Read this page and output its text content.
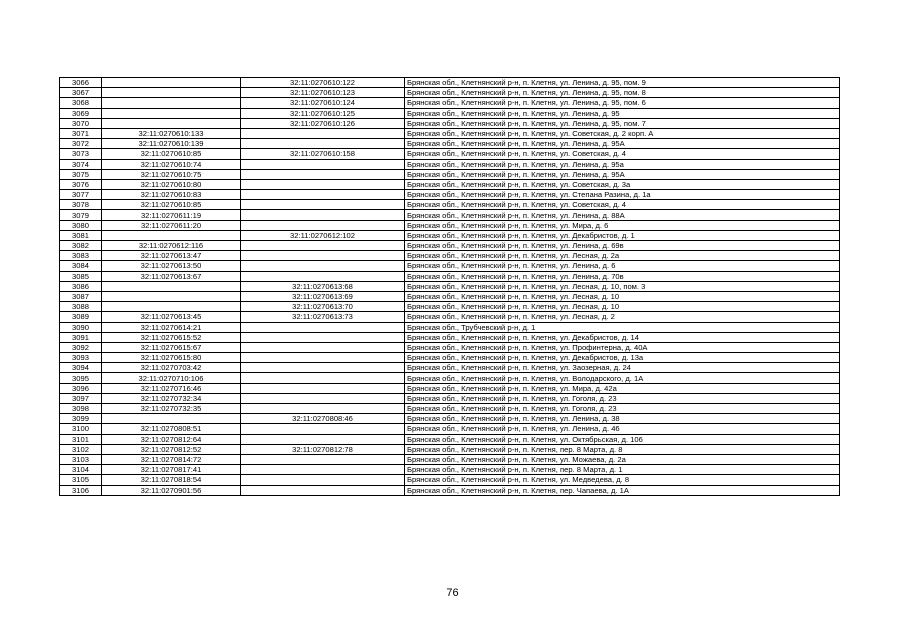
3066		32:11:0270610:122	Брянская обл., Клетнянский р-н, п. Клетня, ул. Ленина, д. 95, пом. 9
3067		32:11:0270610:123	Брянская обл., Клетнянский р-н, п. Клетня, ул. Ленина, д. 95, пом. 8
3068		32:11:0270610:124	Брянская обл., Клетнянский р-н, п. Клетня, ул. Ленина, д. 95, пом. 6
3069		32:11:0270610:125	Брянская обл., Клетнянский р-н, п. Клетня, ул. Ленина, д. 95
3070		32:11:0270610:126	Брянская обл., Клетнянский р-н, п. Клетня, ул. Ленина, д. 95, пом. 7
3071	32:11:0270610:133		Брянская обл., Клетнянский р-н, п. Клетня, ул. Советская, д. 2 корп. А
3072	32:11:0270610:139		Брянская обл., Клетнянский р-н, п. Клетня, ул. Ленина, д. 95А
3073	32:11:0270610:85	32:11:0270610:158	Брянская обл., Клетнянский р-н, п. Клетня, ул. Советская, д. 4
3074	32:11:0270610:74		Брянская обл., Клетнянский р-н, п. Клетня, ул. Ленина, д. 95а
3075	32:11:0270610:75		Брянская обл., Клетнянский р-н, п. Клетня, ул. Ленина, д. 95А
3076	32:11:0270610:80		Брянская обл., Клетнянский р-н, п. Клетня, ул. Советская, д. 3а
3077	32:11:0270610:83		Брянская обл., Клетнянский р-н, п. Клетня, ул. Степана Разина, д. 1а
3078	32:11:0270610:85		Брянская обл., Клетнянский р-н, п. Клетня, ул. Советская, д. 4
3079	32:11:0270611:19		Брянская обл., Клетнянский р-н, п. Клетня, ул. Ленина, д. 88А
3080	32:11:0270611:20		Брянская обл., Клетнянский р-н, п. Клетня, ул. Мира, д. 6
3081		32:11:0270612:102	Брянская обл., Клетнянский р-н, п. Клетня, ул. Декабристов, д. 1
3082	32:11:0270612:116		Брянская обл., Клетнянский р-н, п. Клетня, ул. Ленина, д. 69в
3083	32:11:0270613:47		Брянская обл., Клетнянский р-н, п. Клетня, ул. Лесная, д. 2а
3084	32:11:0270613:50		Брянская обл., Клетнянский р-н, п. Клетня, ул. Ленина, д. 6
3085	32:11:0270613:67		Брянская обл., Клетнянский р-н, п. Клетня, ул. Ленина, д. 70в
3086		32:11:0270613:68	Брянская обл., Клетнянский р-н, п. Клетня, ул. Лесная, д. 10, пом. 3
3087		32:11:0270613:69	Брянская обл., Клетнянский р-н, п. Клетня, ул. Лесная, д. 10
3088		32:11:0270613:70	Брянская обл., Клетнянский р-н, п. Клетня, ул. Лесная, д. 10
3089	32:11:0270613:45	32:11:0270613:73	Брянская обл., Клетнянский р-н, п. Клетня, ул. Лесная, д. 2
3090	32:11:0270614:21		Брянская обл., Трубчевский р-н, д. 1
3091	32:11:0270615:52		Брянская обл., Клетнянский р-н, п. Клетня, ул. Декабристов, д. 14
3092	32:11:0270615:67		Брянская обл., Клетнянский р-н, п. Клетня, ул. Профинтерна, д. 40А
3093	32:11:0270615:80		Брянская обл., Клетнянский р-н, п. Клетня, ул. Декабристов, д. 13а
3094	32:11:0270703:42		Брянская обл., Клетнянский р-н, п. Клетня, ул. Заозерная, д. 24
3095	32:11:0270710:106		Брянская обл., Клетнянский р-н, п. Клетня, ул. Володарского, д. 1А
3096	32:11:0270716:46		Брянская обл., Клетнянский р-н, п. Клетня, ул. Мира, д. 42а
3097	32:11:0270732:34		Брянская обл., Клетнянский р-н, п. Клетня, ул. Гоголя, д. 23
3098	32:11:0270732:35		Брянская обл., Клетнянский р-н, п. Клетня, ул. Гоголя, д. 23
3099		32:11:0270808:46	Брянская обл., Клетнянский р-н, п. Клетня, ул. Ленина, д. 38
3100	32:11:0270808:51		Брянская обл., Клетнянский р-н, п. Клетня, ул. Ленина, д. 46
3101	32:11:0270812:64		Брянская обл., Клетнянский р-н, п. Клетня, ул. Октябрьская, д. 106
3102	32:11:0270812:52	32:11:0270812:78	Брянская обл., Клетнянский р-н, п. Клетня, пер. 8 Марта, д. 8
3103	32:11:0270814:72		Брянская обл., Клетнянский р-н, п. Клетня, ул. Можаева, д. 2а
3104	32:11:0270817:41		Брянская обл., Клетнянский р-н, п. Клетня, пер. 8 Марта, д. 1
3105	32:11:0270818:54		Брянская обл., Клетнянский р-н, п. Клетня, ул. Медведева, д. 8
3106	32:11:0270901:56		Брянская обл., Клетнянский р-н, п. Клетня, пер. Чапаева, д. 1А
76
